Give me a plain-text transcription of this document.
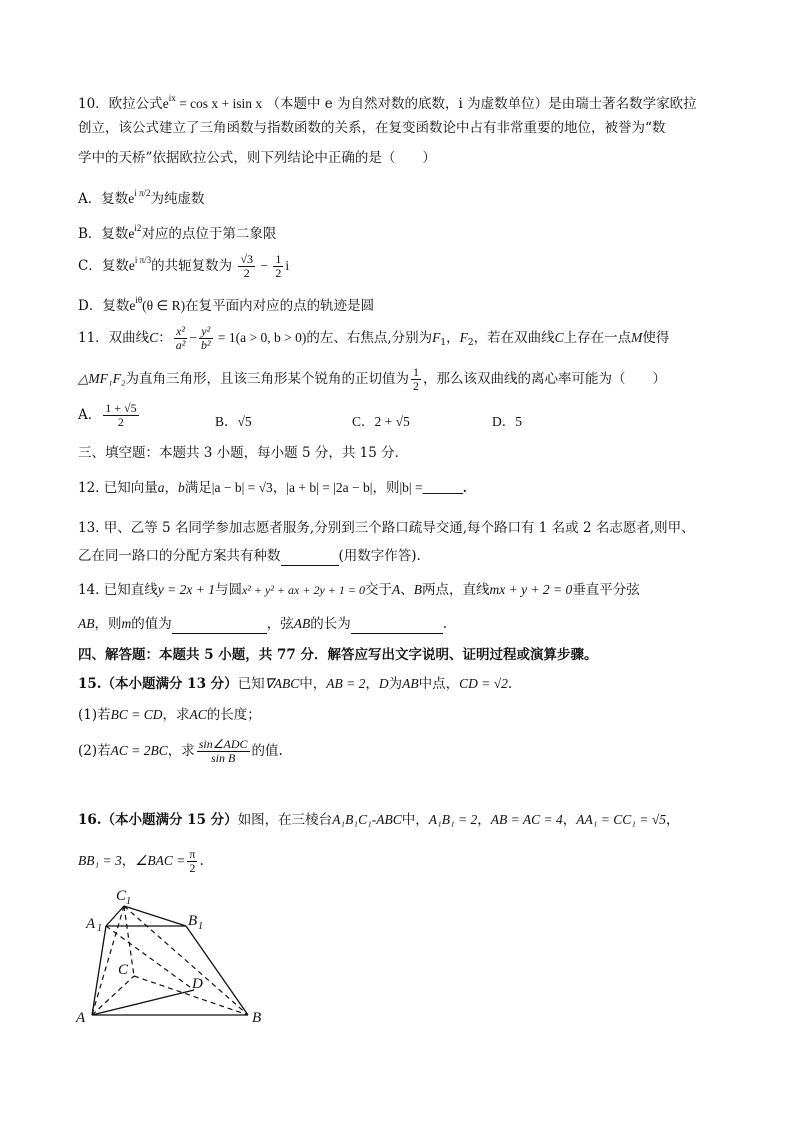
10．欧拉公式$e^{ix} = \cos x + isin$ x （本题中 e 为自然对数的底数，i 为虚数单位）是由瑞士著名数学家欧拉
创立，该公式建立了三角函数与指数函数的关系，在复变函数论中占有非常重要的地位，被誉为“数
学中的天桥”依据欧拉公式，则下列结论中正确的是（　　）
A．复数$e^{i \pi/2}$为纯虚数
B．复数$e^{i2}$对应的点位于第二象限
C．复数$e^{i \pi/3}$的共轭复数为 $\frac{√3}{2} - \frac{1}{2}$ i
D．复数$e^{i\theta}(\theta$ ∈ R)在复平面内对应的点的轨迹是圆
11．双曲线C： $\frac{\text{x²}}{\text{a²}} - \frac{\text{y²}}{\text{b²}} = 1(a > 0$, b > 0)的左、右焦点,分别为$F_1$，$F_2$，若在双曲线C上存在一点M使得
△MF₁F₂为直角三角形，且该三角形某个锐角的正切值为 $\frac{1}{2}$ ，那么该双曲线的离心率可能为（　　）
A． $\frac{1 + √5}{2}$	B．√5	C．2 + √5	D．5
三、填空题：本题共 3 小题，每小题 5 分，共 15 分．
12. 已知向量a，b满足|a − b| = √3，|a + b| = |2a − b|，则|b| =______.
13. 甲、乙等 5 名同学参加志愿者服务,分别到三个路口疏导交通,每个路口有 1 名或 2 名志愿者,则甲、
乙在同一路口的分配方案共有种数	(用数字作答).
14. 已知直线y = 2x + 1与圆x² + y² + ax + 2y + 1 = 0交于A、B两点，直线mx + y + 2 = 0垂直平分弦
AB，则m的值为	，弦AB的长为	.
四、解答题：本题共 5 小题，共 77 分．解答应写出文字说明、证明过程或演算步骤。
15.（本小题满分 13 分）已知∇ABC中，AB = 2，D为AB中点，CD = √2.
(1)若BC = CD，求AC的长度；
(2)若AC = 2BC，求 $\frac{\text{sin∠ADC}}{\text{sin B}}$ 的值.
16.（本小题满分 15 分）如图，在三棱台A₁B₁C₁-ABC中，A₁B₁ = 2，AB = AC = 4，AA₁ = CC₁ = √5，
BB₁ = 3，∠BAC = $\frac{\pi}{2}$ .
A	B
C
D
A 1	B 1
C 1
